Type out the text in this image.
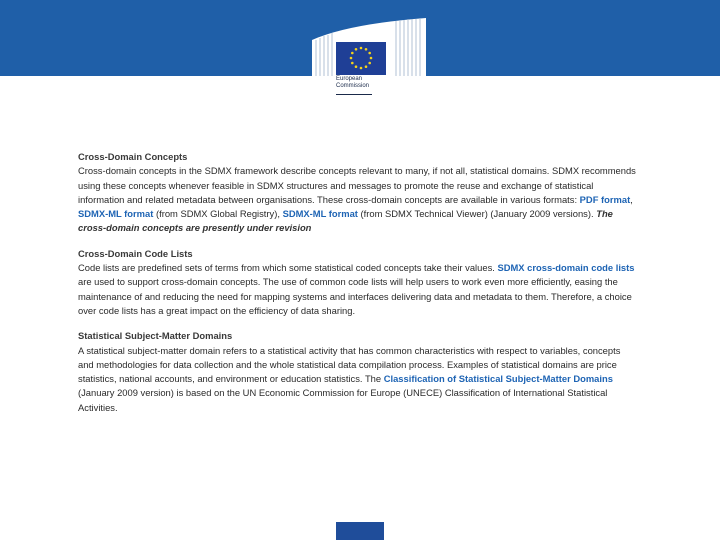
European
Commission
Cross-Domain Concepts
Cross-domain concepts in the SDMX framework describe concepts relevant to many, if not all, statistical domains. SDMX recommends using these concepts whenever feasible in SDMX structures and messages to promote the reuse and exchange of statistical information and related metadata between organisations. These cross-domain concepts are available in various formats: PDF format, SDMX-ML format (from SDMX Global Registry), SDMX-ML format (from SDMX Technical Viewer) (January 2009 versions). The cross-domain concepts are presently under revision
Cross-Domain Code Lists
Code lists are predefined sets of terms from which some statistical coded concepts take their values. SDMX cross-domain code lists are used to support cross-domain concepts. The use of common code lists will help users to work even more efficiently, easing the maintenance of and reducing the need for mapping systems and interfaces delivering data and metadata to them. Therefore, a choice over code lists has a great impact on the efficiency of data sharing.
Statistical Subject-Matter Domains
A statistical subject-matter domain refers to a statistical activity that has common characteristics with respect to variables, concepts and methodologies for data collection and the whole statistical data compilation process. Examples of statistical domains are price statistics, national accounts, and environment or education statistics. The Classification of Statistical Subject-Matter Domains (January 2009 version) is based on the UN Economic Commission for Europe (UNECE) Classification of International Statistical Activities.
